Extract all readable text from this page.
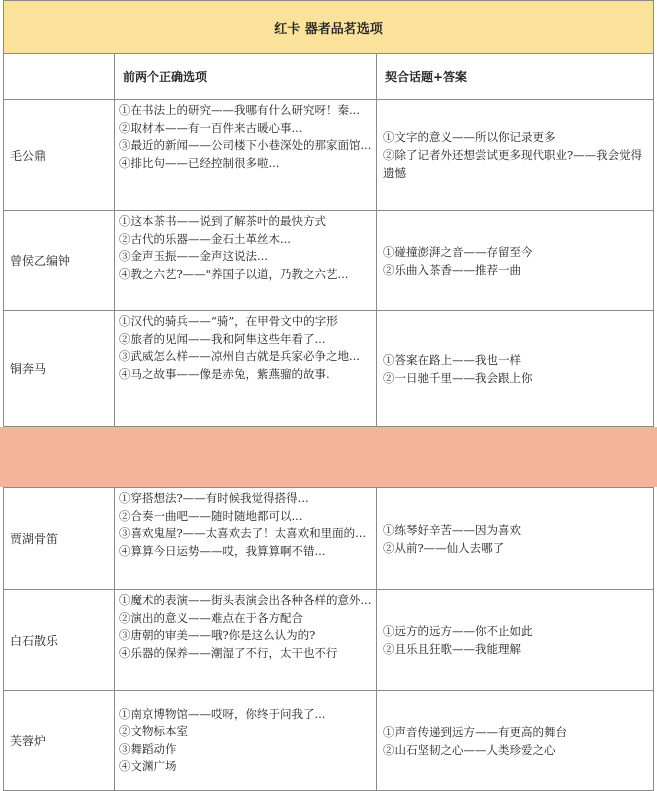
红卡 器者品茗选项
前两个正确选项	契合话题+答案
毛公鼎
①在书法上的研究——我哪有什么研究呀！秦...
②取材本——有一百件来古暖心事...
③最近的新闻——公司楼下小巷深处的那家面馆...
④排比句——已经控制很多啦...
①文字的意义——所以你记录更多
②除了记者外还想尝试更多现代职业?——我会觉得遗憾
曾侯乙编钟
①这本茶书——说到了解茶叶的最快方式
②古代的乐器——金石土革丝木...
③金声玉振——金声这说法...
④教之六艺?——"养国子以道，乃教之六艺...
①碰撞澎湃之音——存留至今
②乐曲入茶香——推荐一曲
铜奔马
①汉代的骑兵——“骑”，在甲骨文中的字形
②旅者的见闻——我和阿隼这些年看了...
③武威怎么样——凉州自古就是兵家必争之地...
④马之故事——像是赤兔，紫燕骝的故事.
①答案在路上——我也一样
②一日驰千里——我会跟上你
贾湖骨笛
①穿搭想法?——有时候我觉得搭得...
②合奏一曲吧——随时随地都可以...
③喜欢鬼屋?——太喜欢去了！太喜欢和里面的...
④算算今日运势——哎，我算算啊不错...
①练琴好辛苦——因为喜欢
②从前?——仙人去哪了
白石散乐
①魔术的表演——街头表演会出各种各样的意外...
②演出的意义——难点在于各方配合
③唐朝的审美——哦?你是这么认为的?
④乐器的保养——潮湿了不行，太干也不行
①远方的远方——你不止如此
②且乐且狂歌——我能理解
芙蓉炉
①南京博物馆——哎呀，你终于问我了...
②文物标本室
③舞蹈动作
④文渊广场
①声音传递到远方——有更高的舞台
②山石坚韧之心——人类珍爱之心
